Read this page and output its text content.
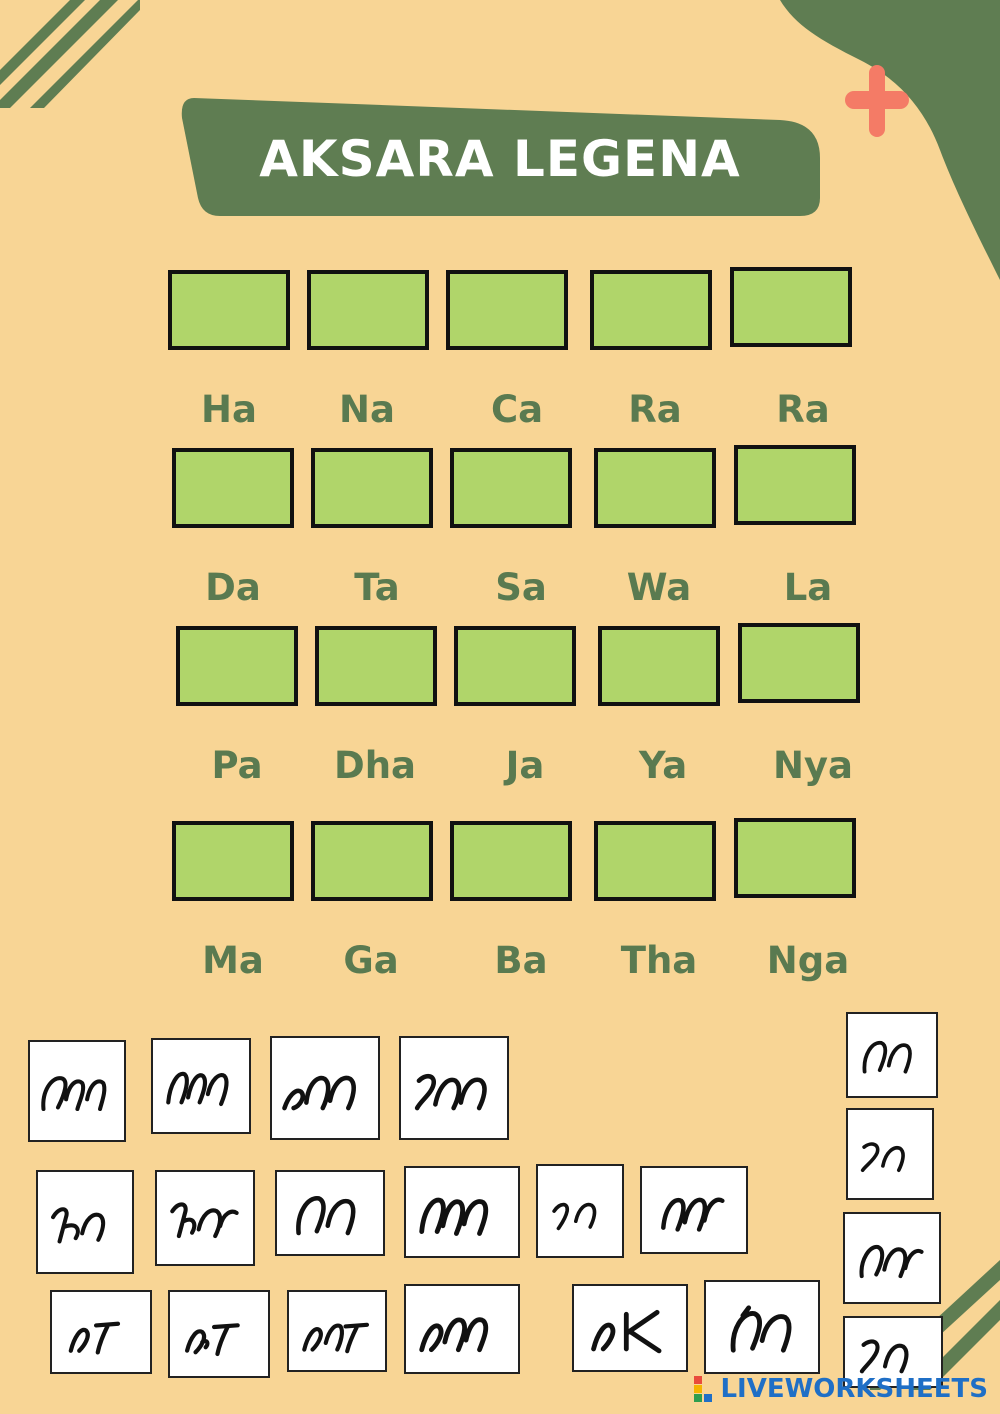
AKSARA LEGENA
Ha	Na	Ca	Ra	Ra
Da	Ta	Sa	Wa	La
Pa	Dha	Ja	Ya	Nya
Ma	Ga	Ba	Tha	Nga
LIVEWORKSHEETS
